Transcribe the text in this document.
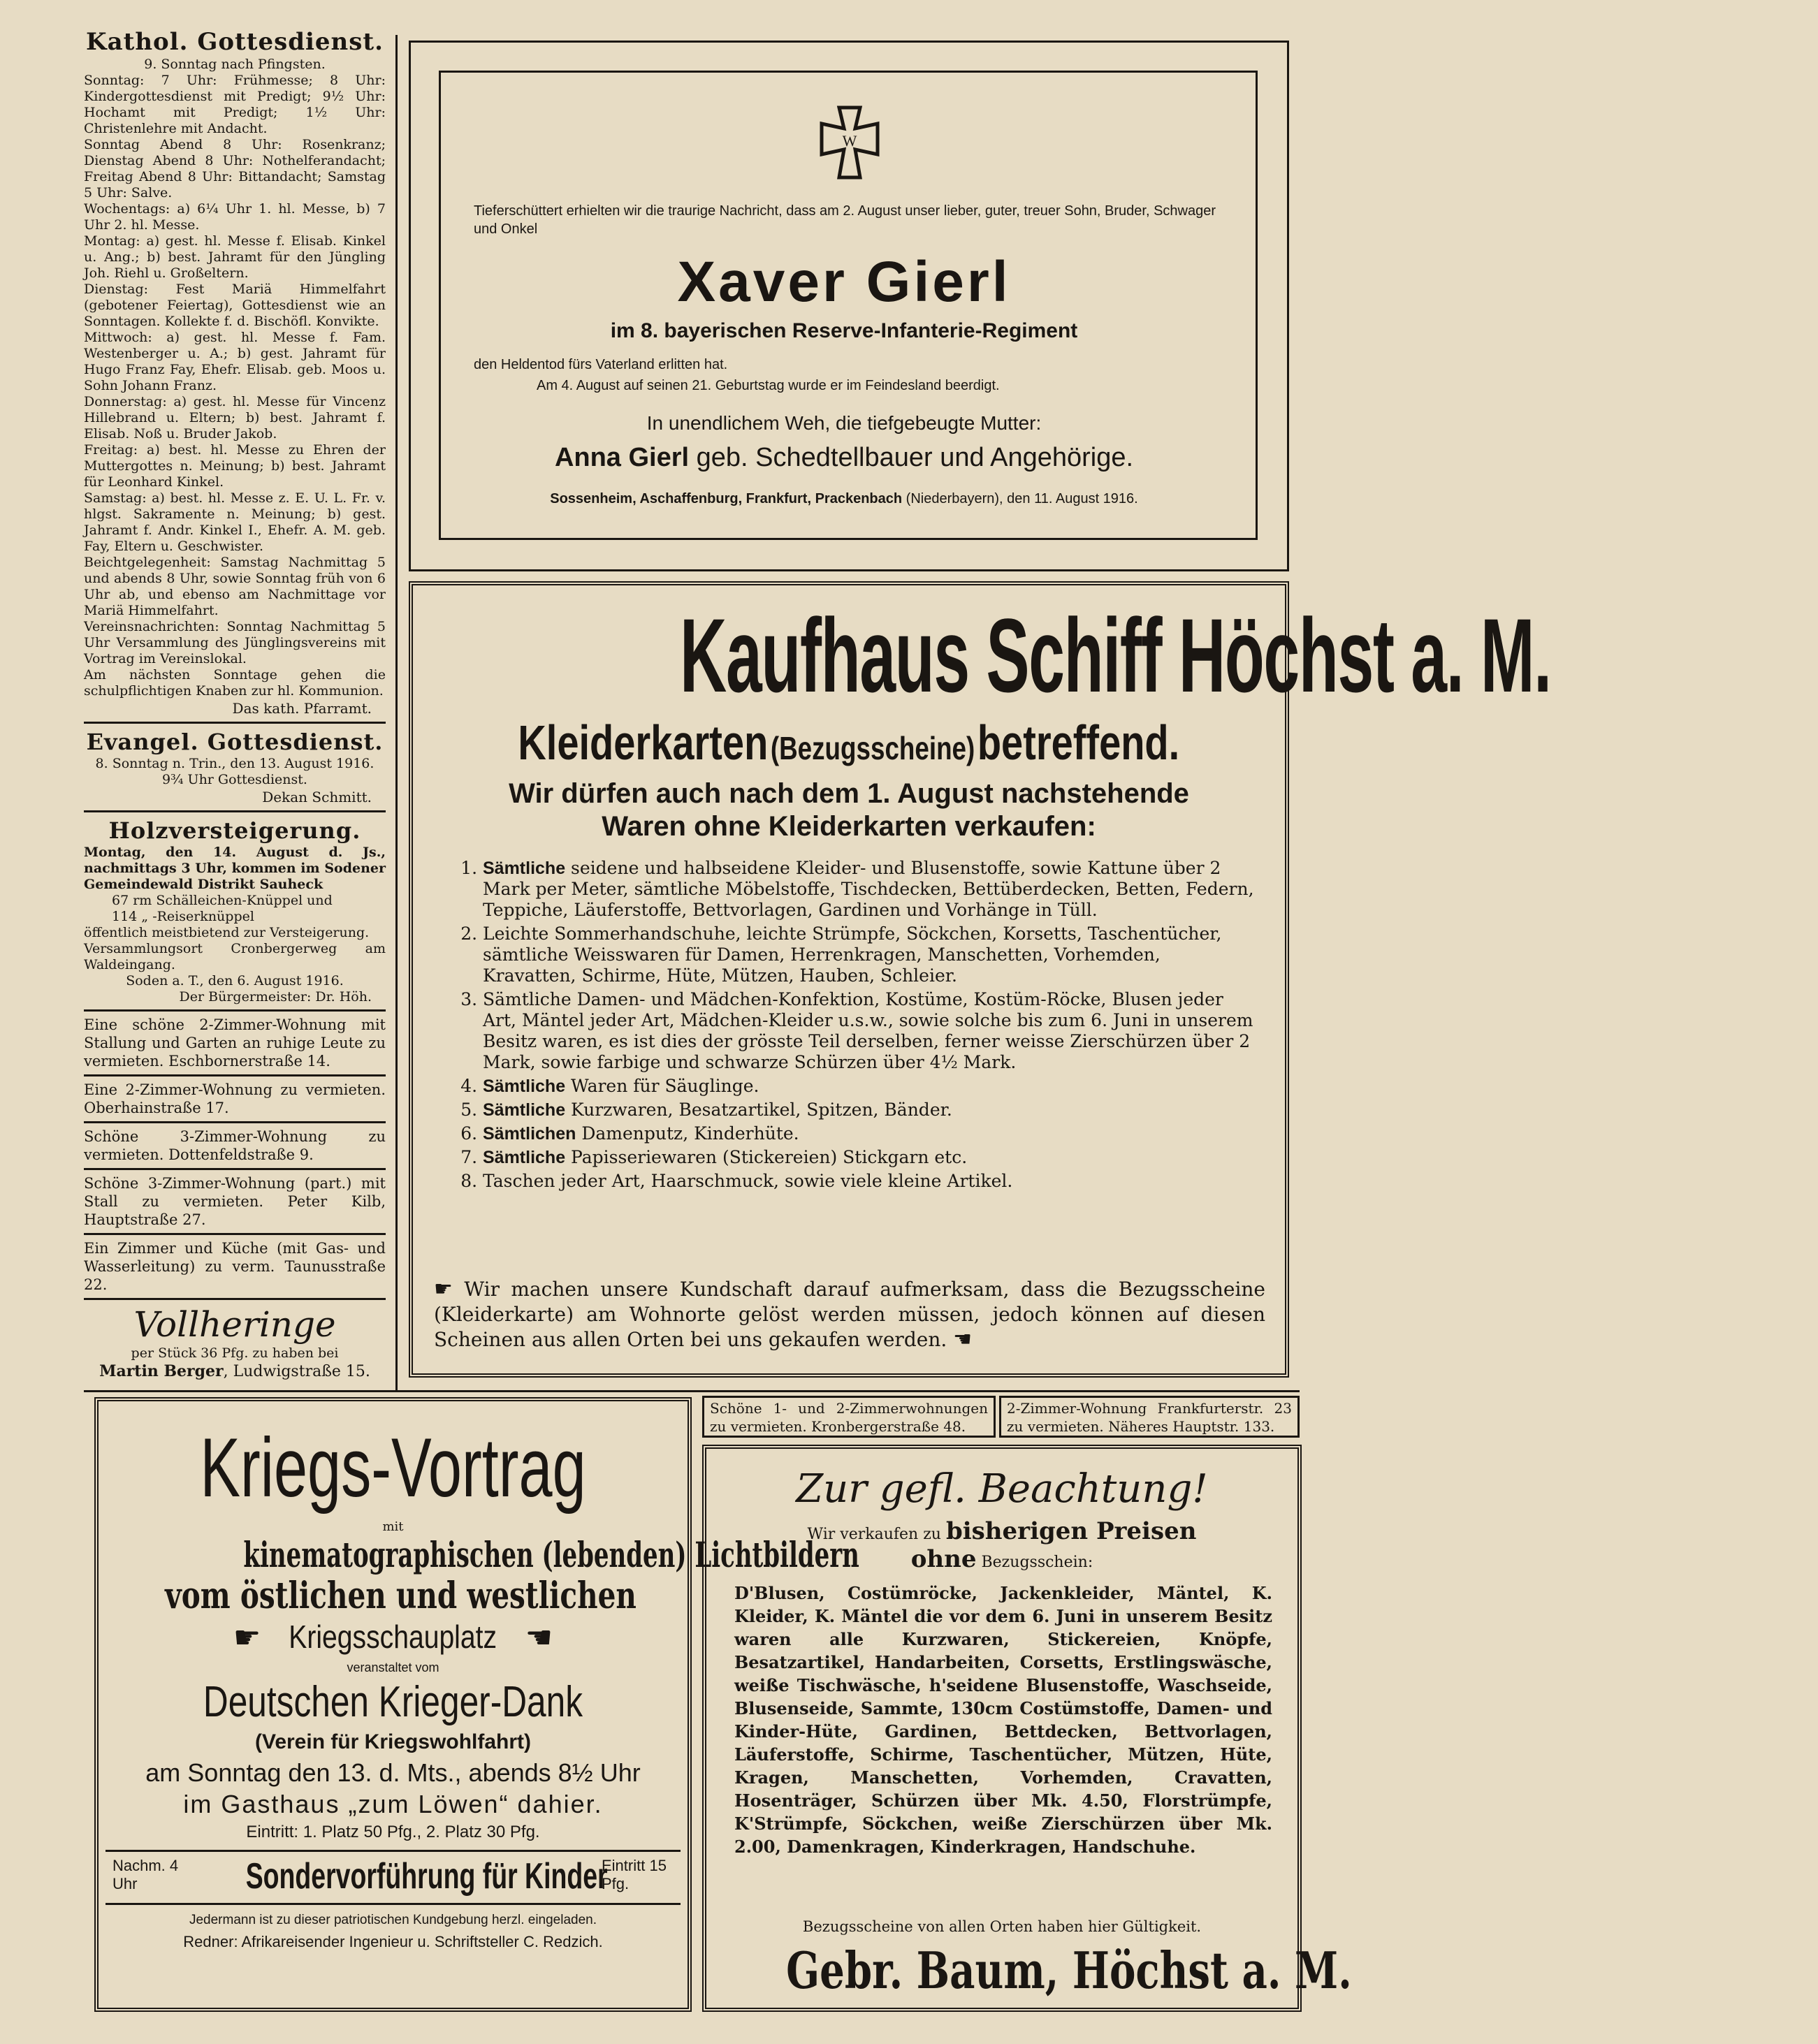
Kathol. Gottesdienst.
9. Sonntag nach Pfingsten.

Sonntag: 7 Uhr: Frühmesse; 8 Uhr: Kindergottesdienst mit Predigt; 9½ Uhr: Hochamt mit Predigt; 1½ Uhr: Christenlehre mit Andacht.

Sonntag Abend 8 Uhr: Rosenkranz; Dienstag Abend 8 Uhr: Nothelferandacht; Freitag Abend 8 Uhr: Bittandacht; Samstag 5 Uhr: Salve.

Wochentags: a) 6¼ Uhr 1. hl. Messe, b) 7 Uhr 2. hl. Messe.

Montag: a) gest. hl. Messe f. Elisab. Kinkel u. Ang.; b) best. Jahramt für den Jüngling Joh. Riehl u. Großeltern.

Dienstag: Fest Mariä Himmelfahrt (gebotener Feiertag), Gottesdienst wie an Sonntagen. Kollekte f. d. Bischöfl. Konvikte.

Mittwoch: a) gest. hl. Messe f. Fam. Westenberger u. A.; b) gest. Jahramt für Hugo Franz Fay, Ehefr. Elisab. geb. Moos u. Sohn Johann Franz.

Donnerstag: a) gest. hl. Messe für Vincenz Hillebrand u. Eltern; b) best. Jahramt f. Elisab. Noß u. Bruder Jakob.

Freitag: a) best. hl. Messe zu Ehren der Muttergottes n. Meinung; b) best. Jahramt für Leonhard Kinkel.

Samstag: a) best. hl. Messe z. E. U. L. Fr. v. hlgst. Sakramente n. Meinung; b) gest. Jahramt f. Andr. Kinkel I., Ehefr. A. M. geb. Fay, Eltern u. Geschwister.

Beichtgelegenheit: Samstag Nachmittag 5 und abends 8 Uhr, sowie Sonntag früh von 6 Uhr ab, und ebenso am Nachmittage vor Mariä Himmelfahrt.

Vereinsnachrichten: Sonntag Nachmittag 5 Uhr Versammlung des Jünglingsvereins mit Vortrag im Vereinslokal.

Am nächsten Sonntage gehen die schulpflichtigen Knaben zur hl. Kommunion.

Das kath. Pfarramt.
Evangel. Gottesdienst.
8. Sonntag n. Trin., den 13. August 1916.
9¾ Uhr Gottesdienst.
Dekan Schmitt.
Holzversteigerung.

Montag, den 14. August d. Js., nachmittags 3 Uhr, kommen im Sodener Gemeindewald Distrikt Sauheck

67 rm Schälleichen-Knüppel und

114 „ -Reiserknüppel

öffentlich meistbietend zur Versteigerung.

Versammlungsort Cronbergerweg am Waldeingang.

Soden a. T., den 6. August 1916.
Der Bürgermeister: Dr. Höh.

Eine schöne 2-Zimmer-Wohnung mit Stallung und Garten an ruhige Leute zu vermieten. Eschbornerstraße 14.

Eine 2-Zimmer-Wohnung zu vermieten. Oberhainstraße 17.

Schöne 3-Zimmer-Wohnung zu vermieten. Dottenfeldstraße 9.

Schöne 3-Zimmer-Wohnung (part.) mit Stall zu vermieten. Peter Kilb, Hauptstraße 27.

Ein Zimmer und Küche (mit Gas- und Wasserleitung) zu verm. Taunusstraße 22.

Vollheringe
per Stück 36 Pfg. zu haben bei
Martin Berger, Ludwigstraße 15.
W
Tieferschüttert erhielten wir die traurige Nachricht, dass am 2. August unser lieber, guter, treuer Sohn, Bruder, Schwager und Onkel
Xaver Gierl
im 8. bayerischen Reserve-Infanterie-Regiment
den Heldentod fürs Vaterland erlitten hat.
Am 4. August auf seinen 21. Geburtstag wurde er im Feindesland beerdigt.
In unendlichem Weh, die tiefgebeugte Mutter:
Anna Gierl geb. Schedtellbauer und Angehörige.
Sossenheim, Aschaffenburg, Frankfurt, Prackenbach (Niederbayern), den 11. August 1916.
Kaufhaus Schiff Höchst a. M.
Kleiderkarten (Bezugsscheine) betreffend.
Wir dürfen auch nach dem 1. August nachstehende
Waren ohne Kleiderkarten verkaufen:
1. Sämtliche seidene und halbseidene Kleider- und Blusenstoffe, sowie Kattune über 2 Mark per Meter, sämtliche Möbelstoffe, Tischdecken, Bettüberdecken, Betten, Federn, Teppiche, Läuferstoffe, Bettvorlagen, Gardinen und Vorhänge in Tüll.
2. Leichte Sommerhandschuhe, leichte Strümpfe, Söckchen, Korsetts, Taschentücher, sämtliche Weisswaren für Damen, Herrenkragen, Manschetten, Vorhemden, Kravatten, Schirme, Hüte, Mützen, Hauben, Schleier.
3. Sämtliche Damen- und Mädchen-Konfektion, Kostüme, Kostüm-Röcke, Blusen jeder Art, Mäntel jeder Art, Mädchen-Kleider u.s.w., sowie solche bis zum 6. Juni in unserem Besitz waren, es ist dies der grösste Teil derselben, ferner weisse Zierschürzen über 2 Mark, sowie farbige und schwarze Schürzen über 4½ Mark.
4. Sämtliche Waren für Säuglinge.
5. Sämtliche Kurzwaren, Besatzartikel, Spitzen, Bänder.
6. Sämtlichen Damenputz, Kinderhüte.
7. Sämtliche Papisseriewaren (Stickereien) Stickgarn etc.
8. Taschen jeder Art, Haarschmuck, sowie viele kleine Artikel.
☛ Wir machen unsere Kundschaft darauf aufmerksam, dass die Bezugsscheine (Kleiderkarte) am Wohnorte gelöst werden müssen, jedoch können auf diesen Scheinen aus allen Orten bei uns gekaufen werden. ☚
Schöne 1- und 2-Zimmerwohnungen zu vermieten. Kronbergerstraße 48.
2-Zimmer-Wohnung Frankfurterstr. 23 zu vermieten. Näheres Hauptstr. 133.
Kriegs-Vortrag
mit
kinematographischen (lebenden) Lichtbildern
vom östlichen und westlichen
☛ Kriegsschauplatz ☚
veranstaltet vom
Deutschen Krieger-Dank
(Verein für Kriegswohlfahrt)
am Sonntag den 13. d. Mts., abends 8½ Uhr
im Gasthaus „zum Löwen“ dahier.
Eintritt: 1. Platz 50 Pfg., 2. Platz 30 Pfg.
Nachm. 4 Uhr	Sondervorführung für Kinder
Eintritt 15 Pfg.
Jedermann ist zu dieser patriotischen Kundgebung herzl. eingeladen.
Redner: Afrikareisender Ingenieur u. Schriftsteller C. Redzich.
Zur gefl. Beachtung!
Wir verkaufen zu bisherigen Preisen
ohne Bezugsschein:
D'Blusen, Costümröcke, Jackenkleider, Mäntel, K. Kleider, K. Mäntel die vor dem 6. Juni in unserem Besitz waren alle Kurzwaren, Stickereien, Knöpfe, Besatzartikel, Handarbeiten, Corsetts, Erstlingswäsche, weiße Tischwäsche, h'seidene Blusenstoffe, Waschseide, Blusenseide, Sammte, 130cm Costümstoffe, Damen- und Kinder-Hüte, Gardinen, Bettdecken, Bettvorlagen, Läuferstoffe, Schirme, Taschentücher, Mützen, Hüte, Kragen, Manschetten, Vorhemden, Cravatten, Hosenträger, Schürzen über Mk. 4.50, Florstrümpfe, K'Strümpfe, Söckchen, weiße Zierschürzen über Mk. 2.00, Damenkragen, Kinderkragen, Handschuhe.
Bezugsscheine von allen Orten haben hier Gültigkeit.
Gebr. Baum, Höchst a. M.
